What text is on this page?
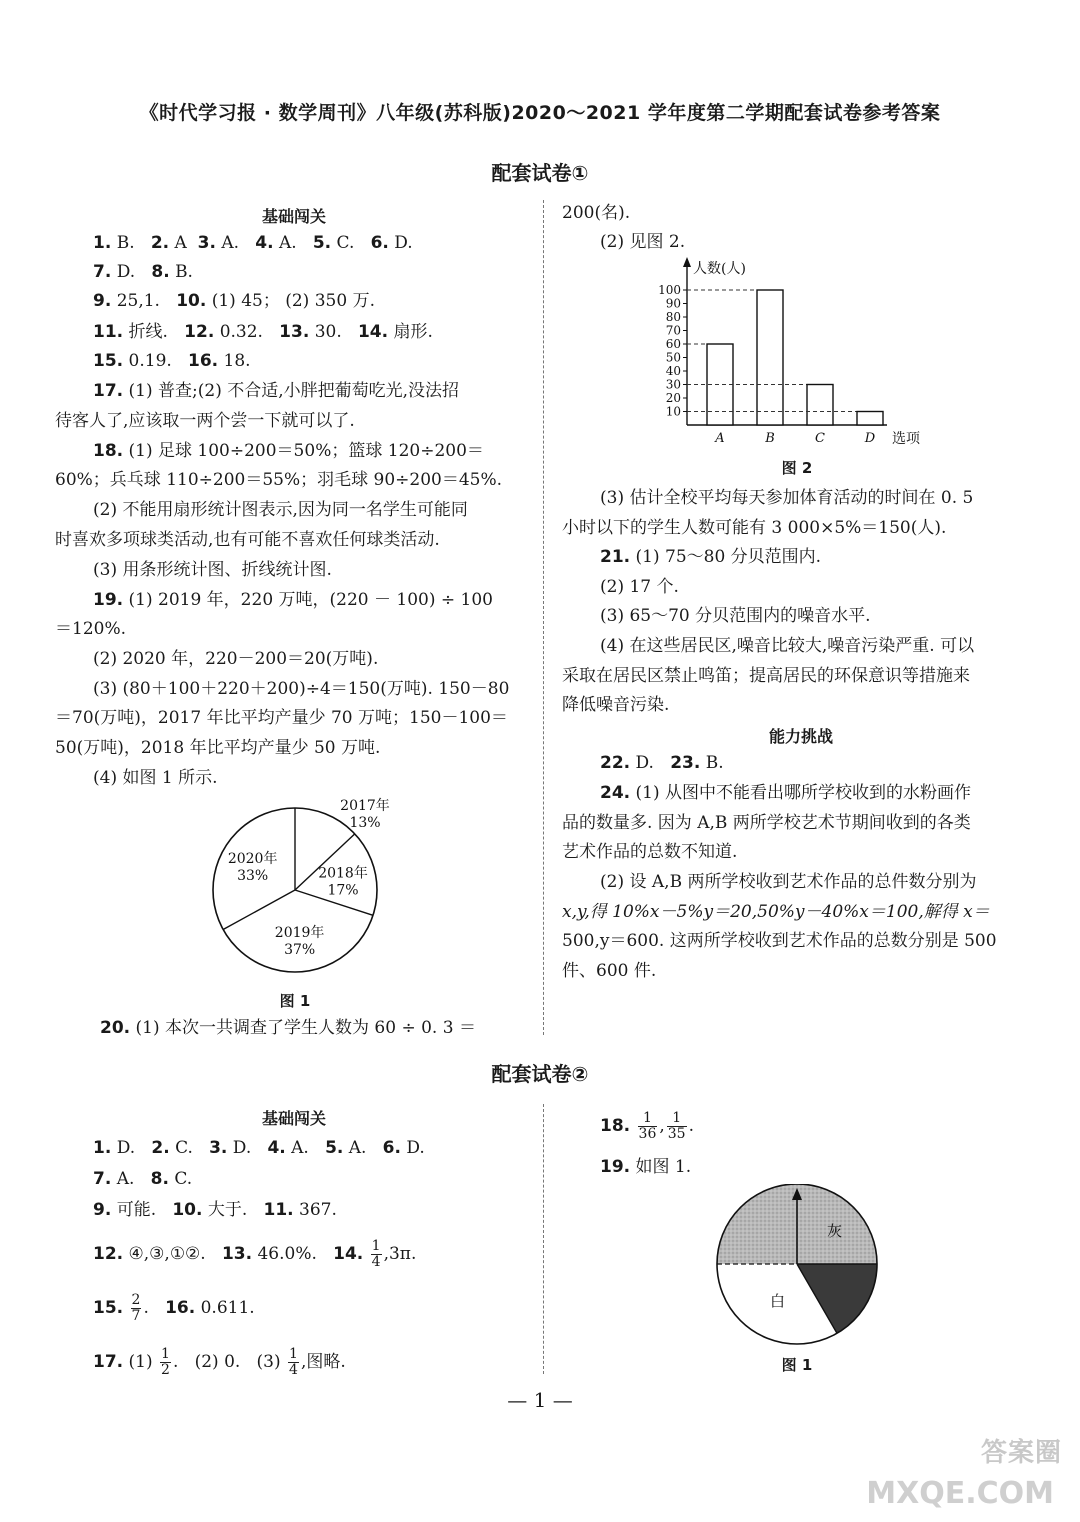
《时代学习报 · 数学周刊》八年级(苏科版)2020～2021 学年度第二学期配套试卷参考答案
配套试卷①
基础闯关
1. B. 2. A 3. A. 4. A. 5. C. 6. D.
7. D. 8. B.
9. 25,1. 10. (1) 45； (2) 350 万.
11. 折线. 12. 0.32. 13. 30. 14. 扇形.
15. 0.19. 16. 18.
17. (1) 普查;(2) 不合适,小胖把葡萄吃光,没法招
待客人了,应该取一两个尝一下就可以了.
18. (1) 足球 100÷200＝50%；篮球 120÷200＝
60%；兵乓球 110÷200＝55%；羽毛球 90÷200＝45%.
(2) 不能用扇形统计图表示,因为同一名学生可能同
时喜欢多项球类活动,也有可能不喜欢任何球类活动.
(3) 用条形统计图、折线统计图.
19. (1) 2019 年，220 万吨，(220 － 100) ÷ 100
＝120%.
(2) 2020 年，220－200＝20(万吨).
(3) (80＋100＋220＋200)÷4＝150(万吨). 150－80
＝70(万吨)，2017 年比平均产量少 70 万吨；150－100＝
50(万吨)，2018 年比平均产量少 50 万吨.
(4) 如图 1 所示.
2017年
13%
2018年
17%
2019年
37%
2020年
33%
图 1
20. (1) 本次一共调查了学生人数为 60 ÷ 0. 3 ＝
200(名).
(2) 见图 2.
人数(人)
选项
100
90
80
70
60
50
40
30
20
10
A	B	C	D
图 2
(3) 估计全校平均每天参加体育活动的时间在 0. 5
小时以下的学生人数可能有 3 000×5%＝150(人).
21. (1) 75～80 分贝范围内.
(2) 17 个.
(3) 65～70 分贝范围内的噪音水平.
(4) 在这些居民区,噪音比较大,噪音污染严重. 可以
采取在居民区禁止鸣笛；提高居民的环保意识等措施来
降低噪音污染.
能力挑战
22. D. 23. B.
24. (1) 从图中不能看出哪所学校收到的水粉画作
品的数量多. 因为 A,B 两所学校艺术节期间收到的各类
艺术作品的总数不知道.
(2) 设 A,B 两所学校收到艺术作品的总件数分别为
x,y,得 10%x－5%y＝20,50%y－40%x＝100,解得 x＝
500,y＝600. 这两所学校收到艺术作品的总数分别是 500
件、600 件.
配套试卷②
基础闯关
1. D. 2. C. 3. D. 4. A. 5. A. 6. D.
7. A. 8. C.
9. 可能. 10. 大于. 11. 367.
12. ④,③,①②. 13. 46.0%. 14. $\frac{1}{4} ,3\pi$.
15. $\frac{2}{7}$ . 16. 0.611.
17. $(1) \frac{1}{2}$ . (2) 0. $(3) \frac{1}{4}$ ,图略.
18. $\frac{1}{36}$ , $\frac{1}{35}$ .
19. 如图 1.
灰
白
图 1
— 1 —
答案圈
MXQE.COM
